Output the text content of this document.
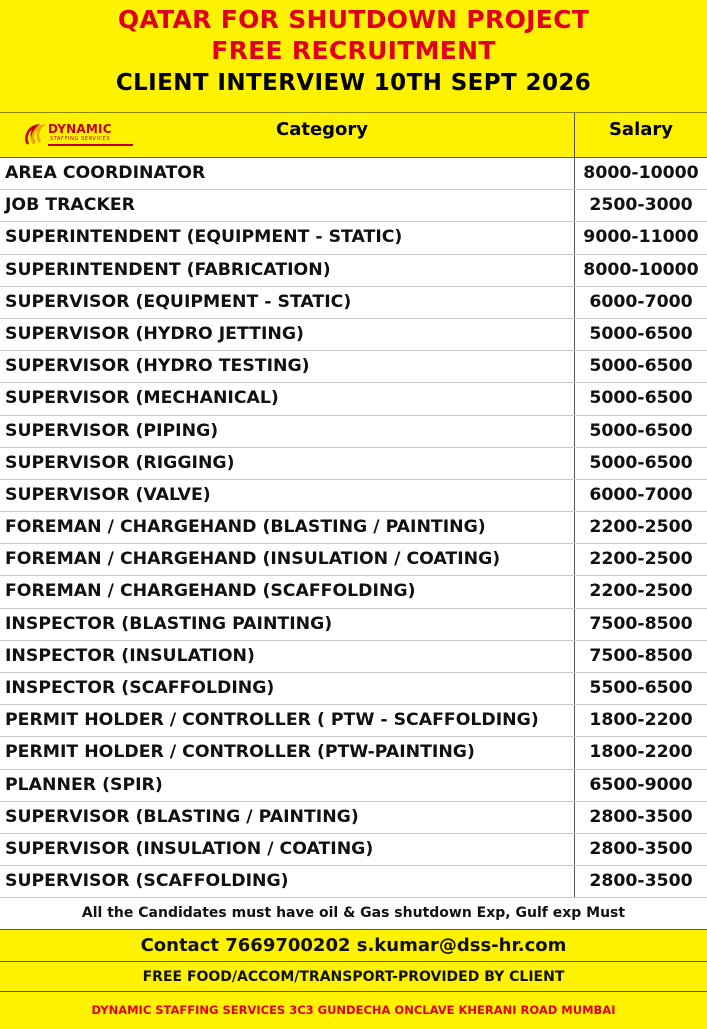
QATAR FOR SHUTDOWN PROJECT
FREE RECRUITMENT
CLIENT INTERVIEW 10TH SEPT 2026
DYNAMIC
STAFFING SERVICES	Category	Salary
AREA COORDINATOR	8000-10000
JOB TRACKER	2500-3000
SUPERINTENDENT (EQUIPMENT - STATIC)	9000-11000
SUPERINTENDENT (FABRICATION)	8000-10000
SUPERVISOR (EQUIPMENT - STATIC)	6000-7000
SUPERVISOR (HYDRO JETTING)	5000-6500
SUPERVISOR (HYDRO TESTING)	5000-6500
SUPERVISOR (MECHANICAL)	5000-6500
SUPERVISOR (PIPING)	5000-6500
SUPERVISOR (RIGGING)	5000-6500
SUPERVISOR (VALVE)	6000-7000
FOREMAN / CHARGEHAND (BLASTING / PAINTING)	2200-2500
FOREMAN / CHARGEHAND (INSULATION / COATING)	2200-2500
FOREMAN / CHARGEHAND (SCAFFOLDING)	2200-2500
INSPECTOR (BLASTING PAINTING)	7500-8500
INSPECTOR (INSULATION)	7500-8500
INSPECTOR (SCAFFOLDING)	5500-6500
PERMIT HOLDER / CONTROLLER ( PTW - SCAFFOLDING)	1800-2200
PERMIT HOLDER / CONTROLLER (PTW-PAINTING)	1800-2200
PLANNER (SPIR)	6500-9000
SUPERVISOR (BLASTING / PAINTING)	2800-3500
SUPERVISOR (INSULATION / COATING)	2800-3500
SUPERVISOR (SCAFFOLDING)	2800-3500
All the Candidates must have oil & Gas shutdown Exp, Gulf exp Must
Contact 7669700202 s.kumar@dss-hr.com
FREE FOOD/ACCOM/TRANSPORT-PROVIDED BY CLIENT
DYNAMIC STAFFING SERVICES 3C3 GUNDECHA ONCLAVE KHERANI ROAD MUMBAI
